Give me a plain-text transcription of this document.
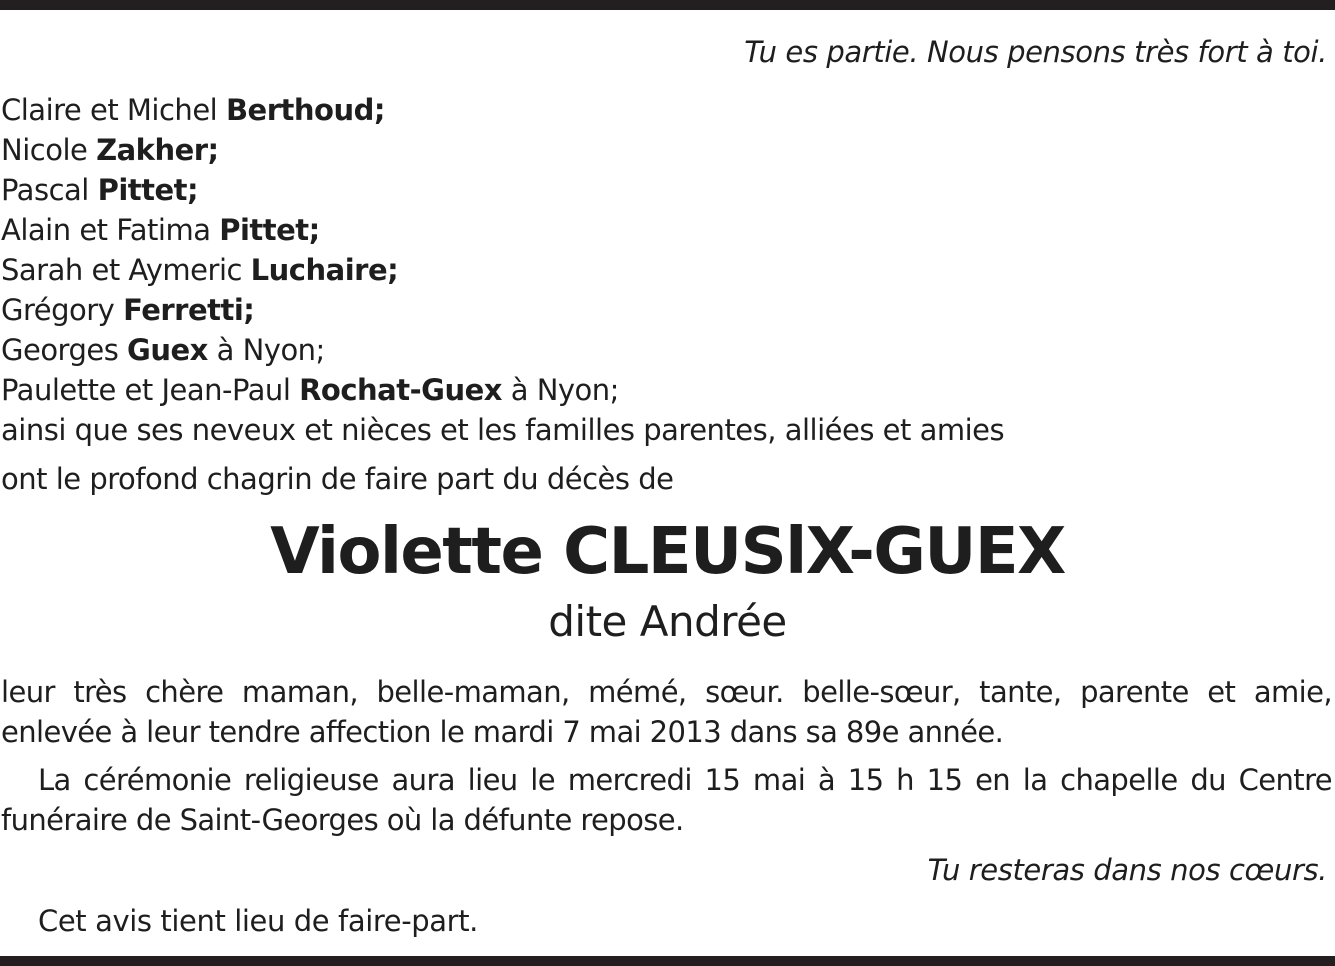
Tu es partie. Nous pensons très fort à toi.
Claire et Michel Berthoud;
Nicole Zakher;
Pascal Pittet;
Alain et Fatima Pittet;
Sarah et Aymeric Luchaire;
Grégory Ferretti;
Georges Guex à Nyon;
Paulette et Jean-Paul Rochat-Guex à Nyon;
ainsi que ses neveux et nièces et les familles parentes, alliées et amies
ont le profond chagrin de faire part du décès de
Violette CLEUSlX-GUEX
dite Andrée

leur très chère maman, belle-maman, mémé, sœur. belle-sœur, tante, parente et amie, enlevée à leur tendre affection le mardi 7 mai 2013 dans sa 89e année.

La cérémonie religieuse aura lieu le mercredi 15 mai à 15 h 15 en la chapelle du Centre funéraire de Saint-Georges où la défunte repose.

Tu resteras dans nos cœurs.
Cet avis tient lieu de faire-part.
